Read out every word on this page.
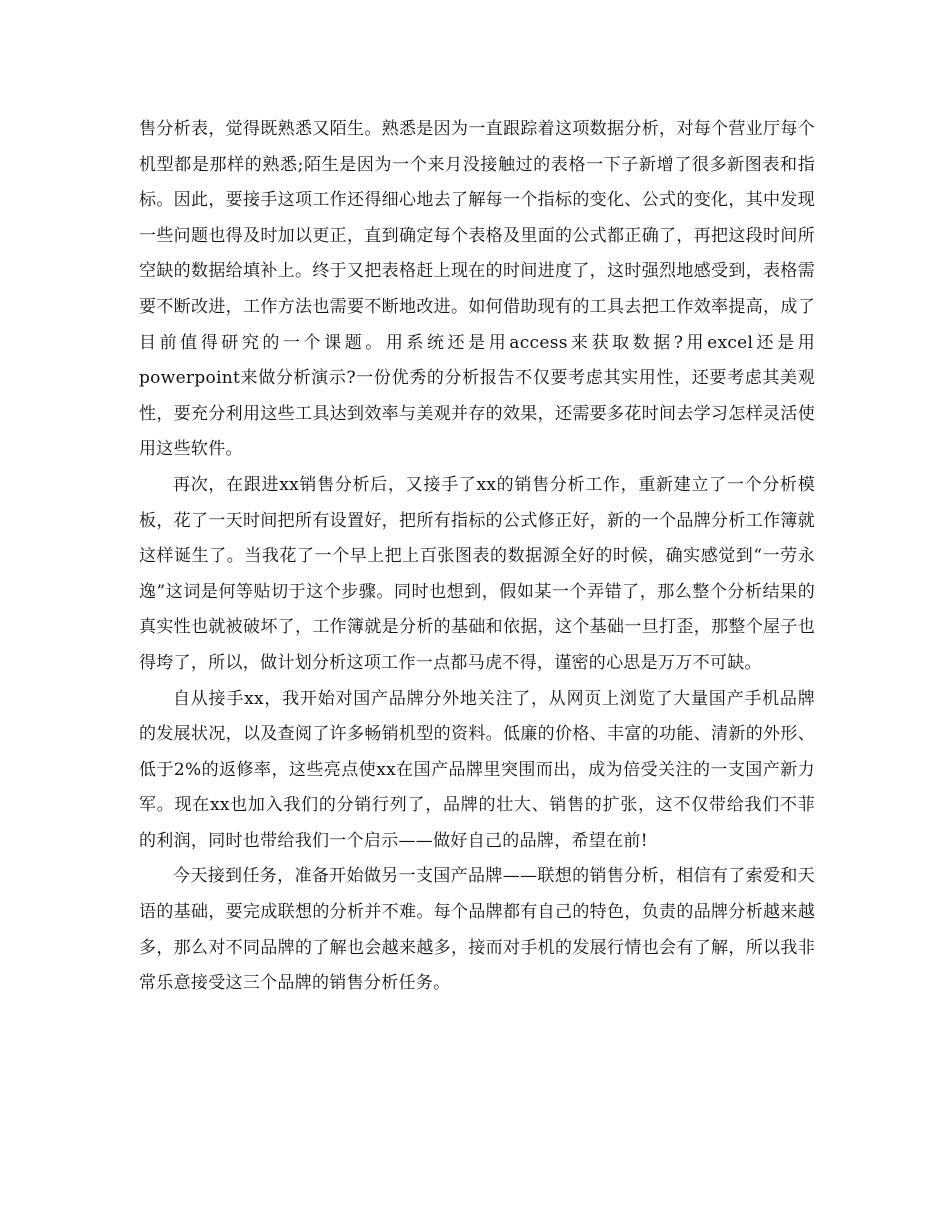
售分析表，觉得既熟悉又陌生。熟悉是因为一直跟踪着这项数据分析，对每个营业厅每个机型都是那样的熟悉;陌生是因为一个来月没接触过的表格一下子新增了很多新图表和指标。因此，要接手这项工作还得细心地去了解每一个指标的变化、公式的变化，其中发现一些问题也得及时加以更正，直到确定每个表格及里面的公式都正确了，再把这段时间所空缺的数据给填补上。终于又把表格赶上现在的时间进度了，这时强烈地感受到，表格需要不断改进，工作方法也需要不断地改进。如何借助现有的工具去把工作效率提高，成了目前值得研究的一个课题。用系统还是用access来获取数据?用excel还是用powerpoint来做分析演示?一份优秀的分析报告不仅要考虑其实用性，还要考虑其美观性，要充分利用这些工具达到效率与美观并存的效果，还需要多花时间去学习怎样灵活使用这些软件。

再次，在跟进xx销售分析后，又接手了xx的销售分析工作，重新建立了一个分析模板，花了一天时间把所有设置好，把所有指标的公式修正好，新的一个品牌分析工作簿就这样诞生了。当我花了一个早上把上百张图表的数据源全好的时候，确实感觉到“一劳永逸”这词是何等贴切于这个步骤。同时也想到，假如某一个弄错了，那么整个分析结果的真实性也就被破坏了，工作簿就是分析的基础和依据，这个基础一旦打歪，那整个屋子也得垮了，所以，做计划分析这项工作一点都马虎不得，谨密的心思是万万不可缺。

自从接手xx，我开始对国产品牌分外地关注了，从网页上浏览了大量国产手机品牌的发展状况，以及查阅了许多畅销机型的资料。低廉的价格、丰富的功能、清新的外形、低于2%的返修率，这些亮点使xx在国产品牌里突围而出，成为倍受关注的一支国产新力军。现在xx也加入我们的分销行列了，品牌的壮大、销售的扩张，这不仅带给我们不菲的利润，同时也带给我们一个启示——做好自己的品牌，希望在前!

今天接到任务，准备开始做另一支国产品牌——联想的销售分析，相信有了索爱和天语的基础，要完成联想的分析并不难。每个品牌都有自己的特色，负责的品牌分析越来越多，那么对不同品牌的了解也会越来越多，接而对手机的发展行情也会有了解，所以我非常乐意接受这三个品牌的销售分析任务。
